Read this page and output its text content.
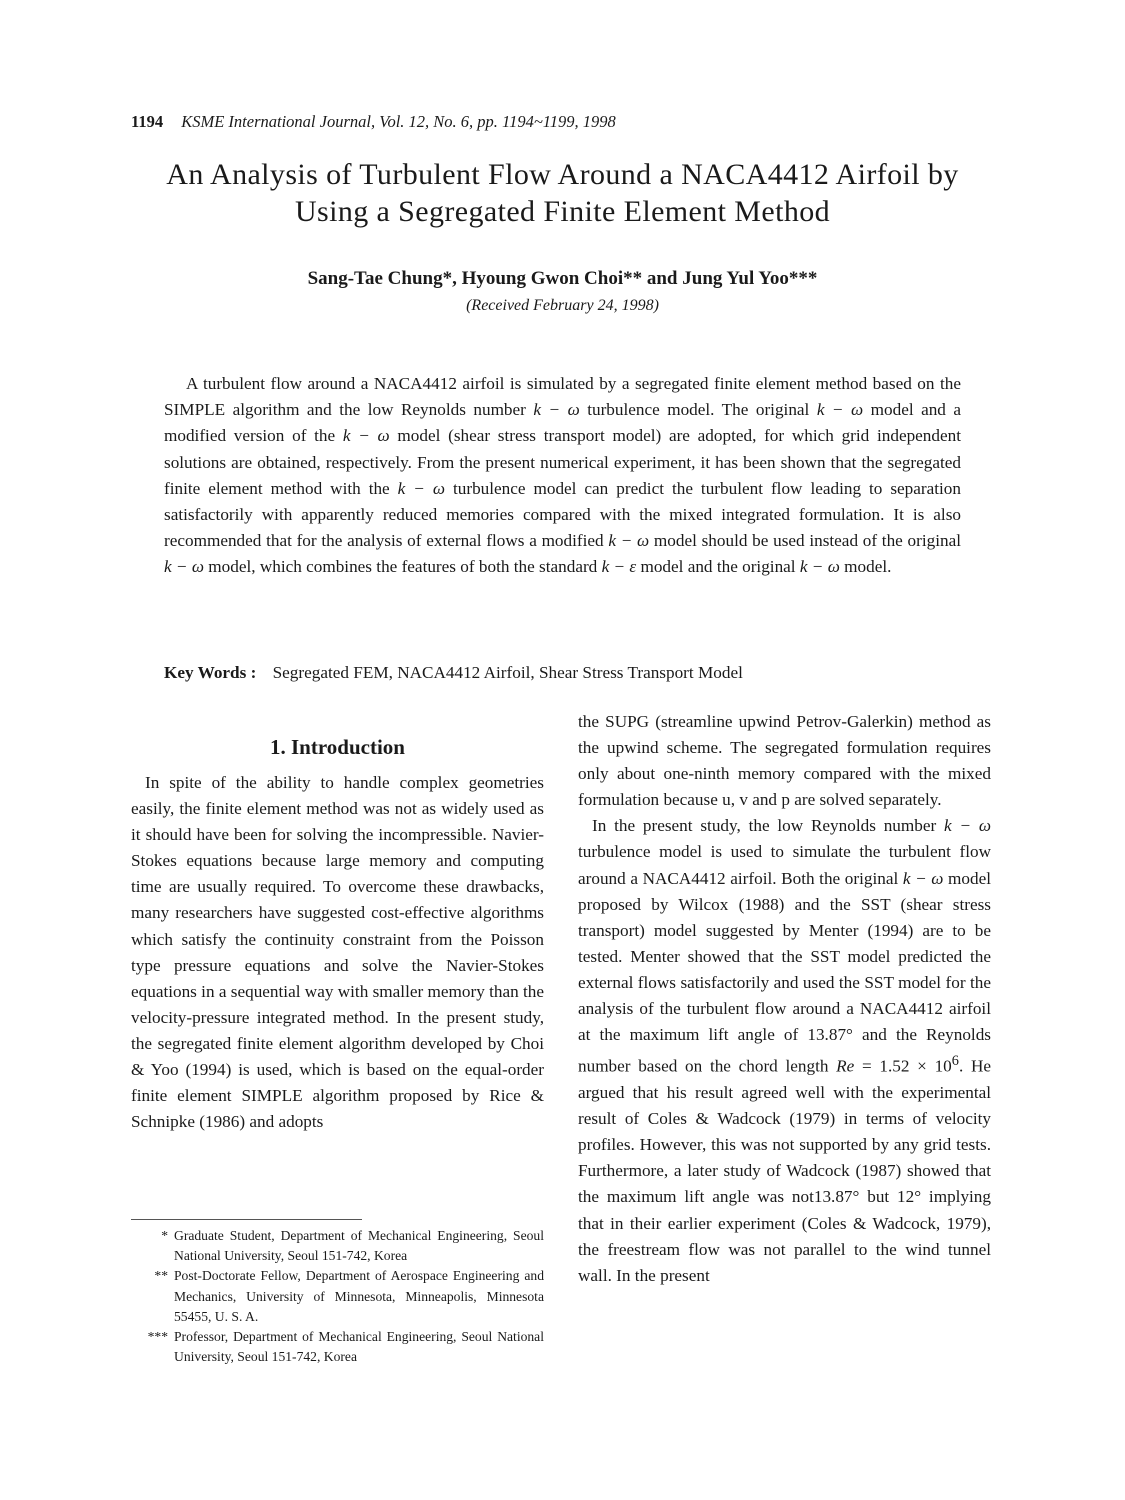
1194 KSME International Journal, Vol. 12, No. 6, pp. 1194~1199, 1998
An Analysis of Turbulent Flow Around a NACA4412 Airfoil by
Using a Segregated Finite Element Method
Sang-Tae Chung*, Hyoung Gwon Choi** and Jung Yul Yoo***
(Received February 24, 1998)

A turbulent flow around a NACA4412 airfoil is simulated by a segregated finite element method based on the SIMPLE algorithm and the low Reynolds number k − ω turbulence model. The original k − ω model and a modified version of the k − ω model (shear stress transport model) are adopted, for which grid independent solutions are obtained, respectively. From the present numerical experiment, it has been shown that the segregated finite element method with the k − ω turbulence model can predict the turbulent flow leading to separation satisfactorily with apparently reduced memories compared with the mixed integrated formulation. It is also recommended that for the analysis of external flows a modified k − ω model should be used instead of the original k − ω model, which combines the features of both the standard k − ε model and the original k − ω model.

Key Words : Segregated FEM, NACA4412 Airfoil, Shear Stress Transport Model
1. Introduction

In spite of the ability to handle complex geometries easily, the finite element method was not as widely used as it should have been for solving the incompressible. Navier-Stokes equations because large memory and computing time are usually required. To overcome these drawbacks, many researchers have suggested cost-effective algorithms which satisfy the continuity constraint from the Poisson type pressure equations and solve the Navier-Stokes equations in a sequential way with smaller memory than the velocity-pressure integrated method. In the present study, the segregated finite element algorithm developed by Choi & Yoo (1994) is used, which is based on the equal-order finite element SIMPLE algorithm proposed by Rice & Schnipke (1986) and adopts

* Graduate Student, Department of Mechanical Engineering, Seoul National University, Seoul 151-742, Korea
** Post-Doctorate Fellow, Department of Aerospace Engineering and Mechanics, University of Minnesota, Minneapolis, Minnesota 55455, U. S. A.
*** Professor, Department of Mechanical Engineering, Seoul National University, Seoul 151-742, Korea

the SUPG (streamline upwind Petrov-Galerkin) method as the upwind scheme. The segregated formulation requires only about one-ninth memory compared with the mixed formulation because u, v and p are solved separately.

In the present study, the low Reynolds number k − ω turbulence model is used to simulate the turbulent flow around a NACA4412 airfoil. Both the original k − ω model proposed by Wilcox (1988) and the SST (shear stress transport) model suggested by Menter (1994) are to be tested. Menter showed that the SST model predicted the external flows satisfactorily and used the SST model for the analysis of the turbulent flow around a NACA4412 airfoil at the maximum lift angle of 13.87° and the Reynolds number based on the chord length $Re = 1.52 \times 10^6$. He argued that his result agreed well with the experimental result of Coles & Wadcock (1979) in terms of velocity profiles. However, this was not supported by any grid tests. Furthermore, a later study of Wadcock (1987) showed that the maximum lift angle was not13.87° but 12° implying that in their earlier experiment (Coles & Wadcock, 1979), the freestream flow was not parallel to the wind tunnel wall. In the present
